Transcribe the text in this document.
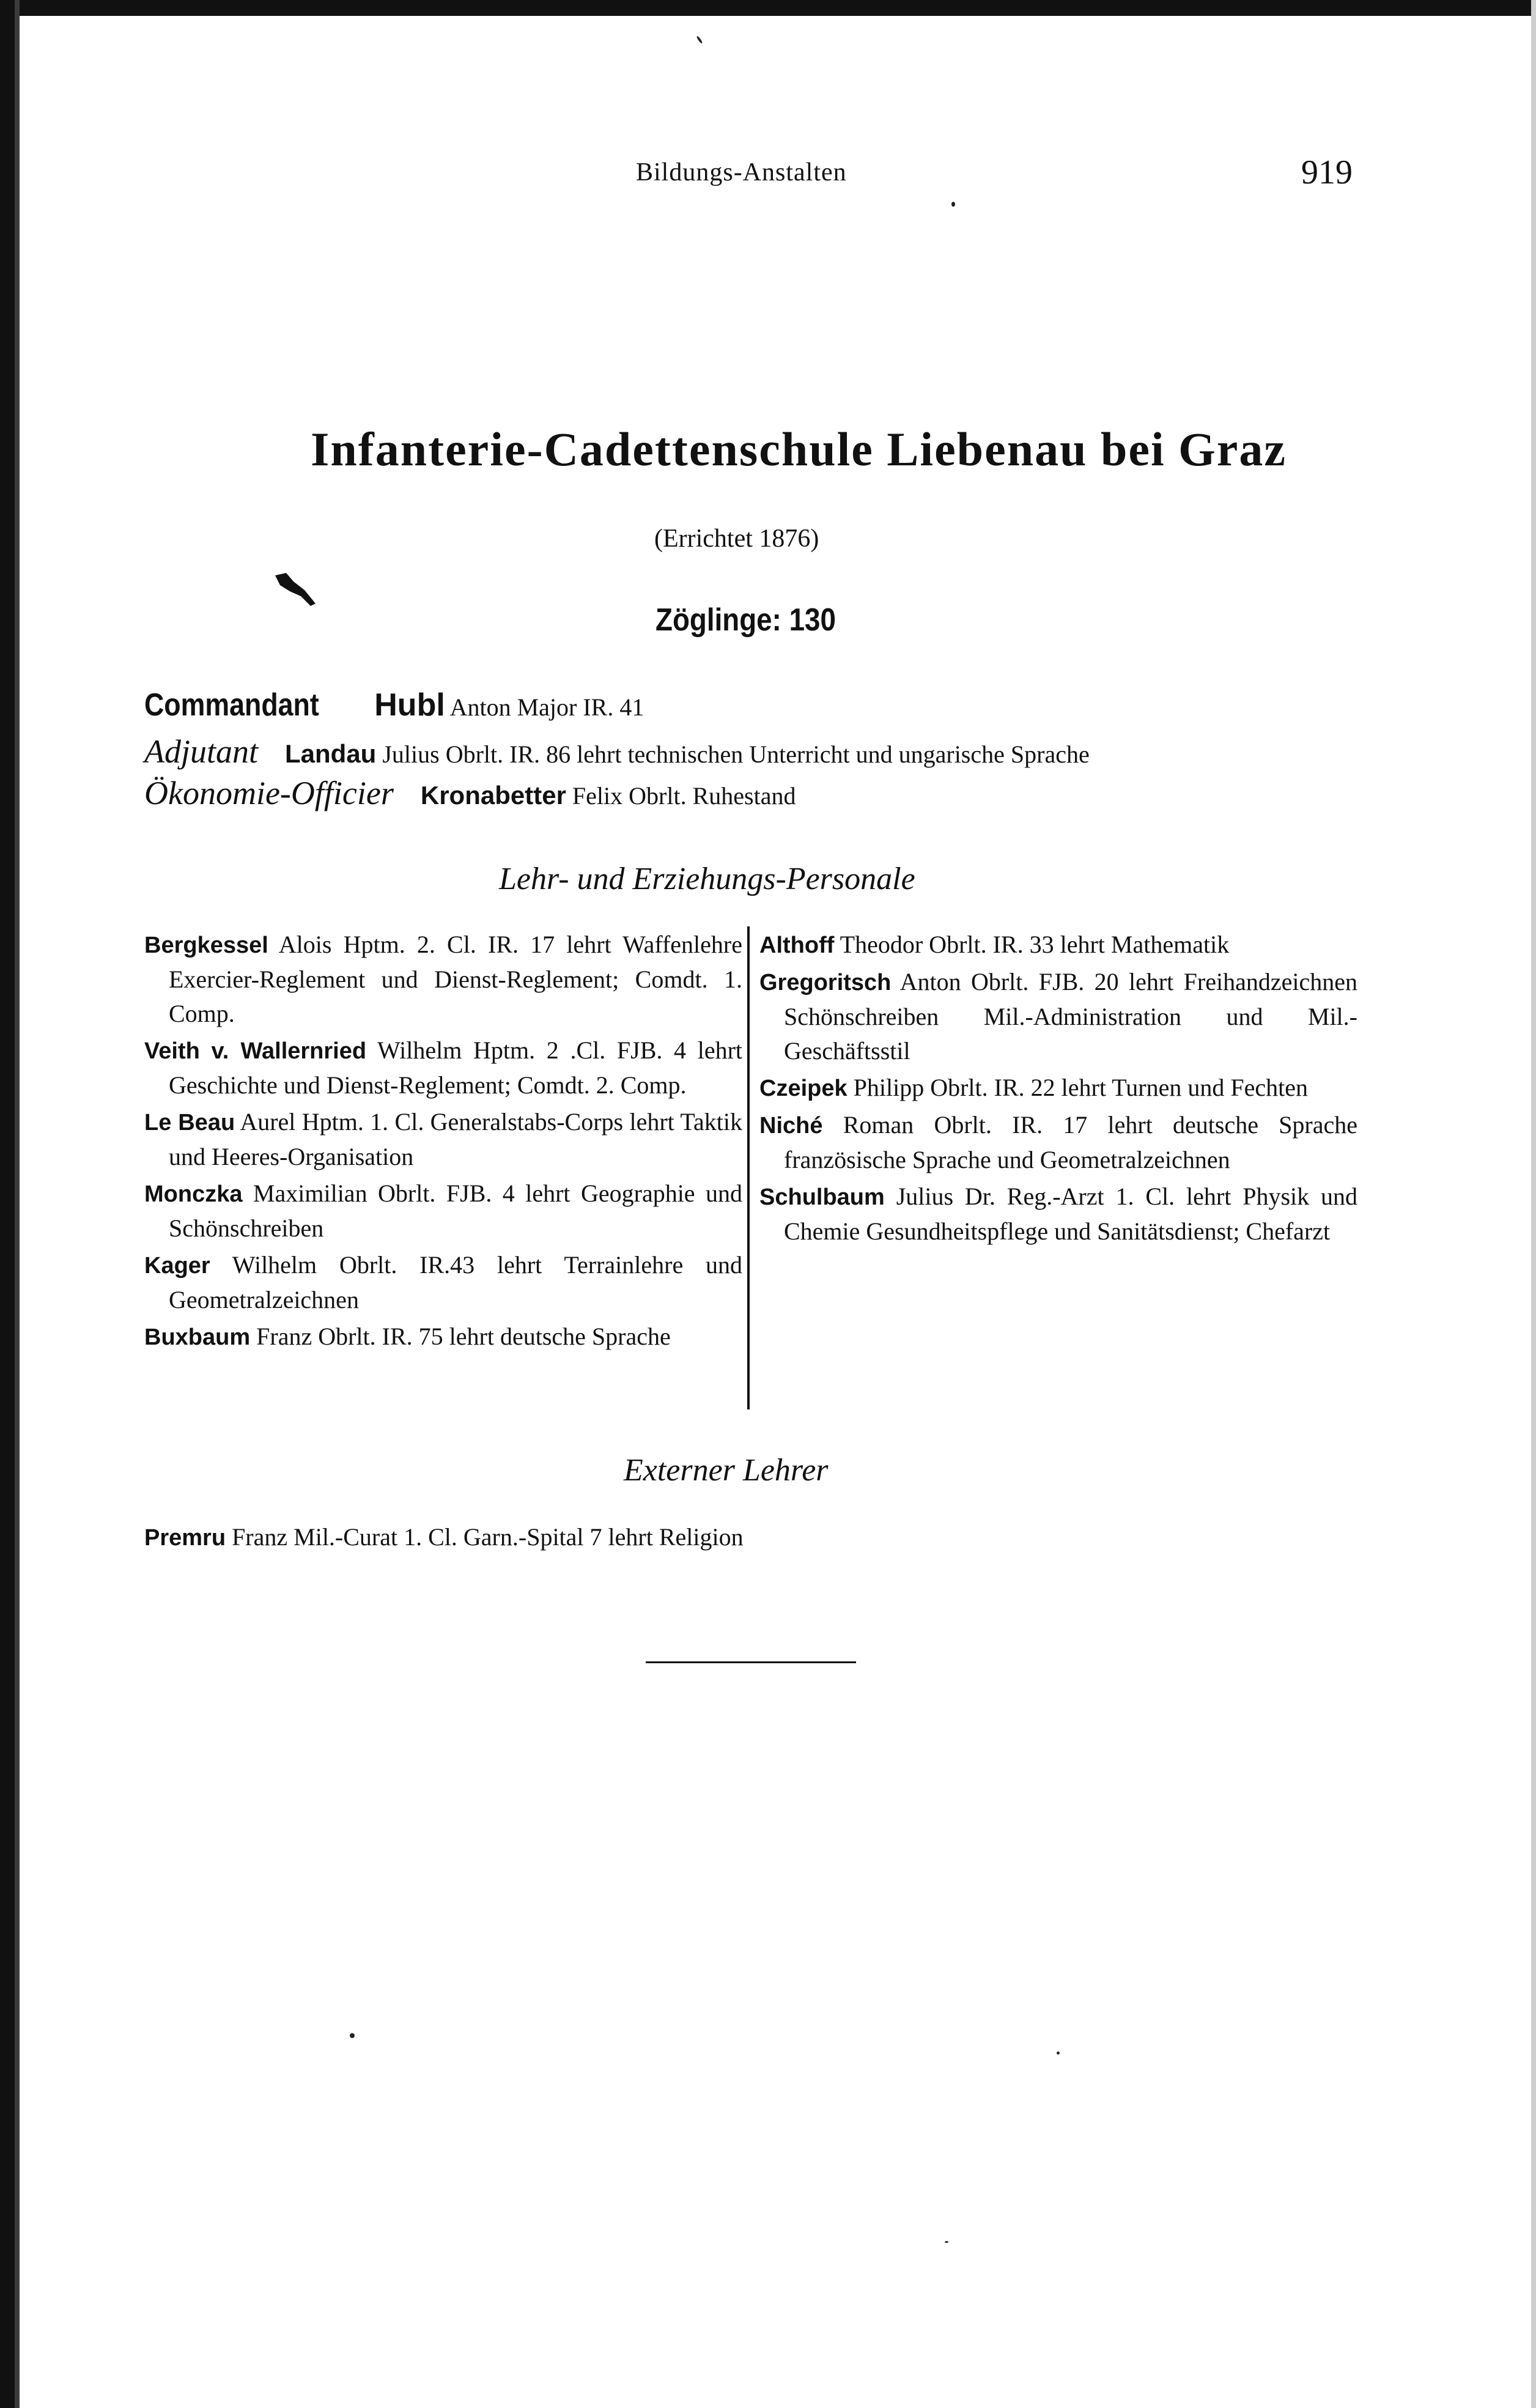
Bildungs-Anstalten	919
Infanterie-Cadettenschule Liebenau bei Graz
(Errichtet 1876)
Zöglinge: 130
Commandant Hubl Anton Major IR. 41
Adjutant Landau Julius Obrlt. IR. 86 lehrt technischen Unterricht und ungarische Sprache
Ökonomie-Officier Kronabetter Felix Obrlt. Ruhestand
Lehr- und Erziehungs-Personale
Bergkessel Alois Hptm. 2. Cl. IR. 17 lehrt Waffenlehre Exercier-Reglement und Dienst-Reglement; Comdt. 1. Comp.
Veith v. Wallernried Wilhelm Hptm. 2 .Cl. FJB. 4 lehrt Geschichte und Dienst-Reglement; Comdt. 2. Comp.
Le Beau Aurel Hptm. 1. Cl. Generalstabs-Corps lehrt Taktik und Heeres-Organisation
Monczka Maximilian Obrlt. FJB. 4 lehrt Geographie und Schönschreiben
Kager Wilhelm Obrlt. IR.43 lehrt Terrainlehre und Geometralzeichnen
Buxbaum Franz Obrlt. IR. 75 lehrt deutsche Sprache
Althoff Theodor Obrlt. IR. 33 lehrt Mathematik
Gregoritsch Anton Obrlt. FJB. 20 lehrt Freihandzeichnen Schönschreiben Mil.-Administration und Mil.-Geschäftsstil
Czeipek Philipp Obrlt. IR. 22 lehrt Turnen und Fechten
Niché Roman Obrlt. IR. 17 lehrt deutsche Sprache französische Sprache und Geometralzeichnen
Schulbaum Julius Dr. Reg.-Arzt 1. Cl. lehrt Physik und Chemie Gesundheitspflege und Sanitätsdienst; Chefarzt
Externer Lehrer
Premru Franz Mil.-Curat 1. Cl. Garn.-Spital 7 lehrt Religion
